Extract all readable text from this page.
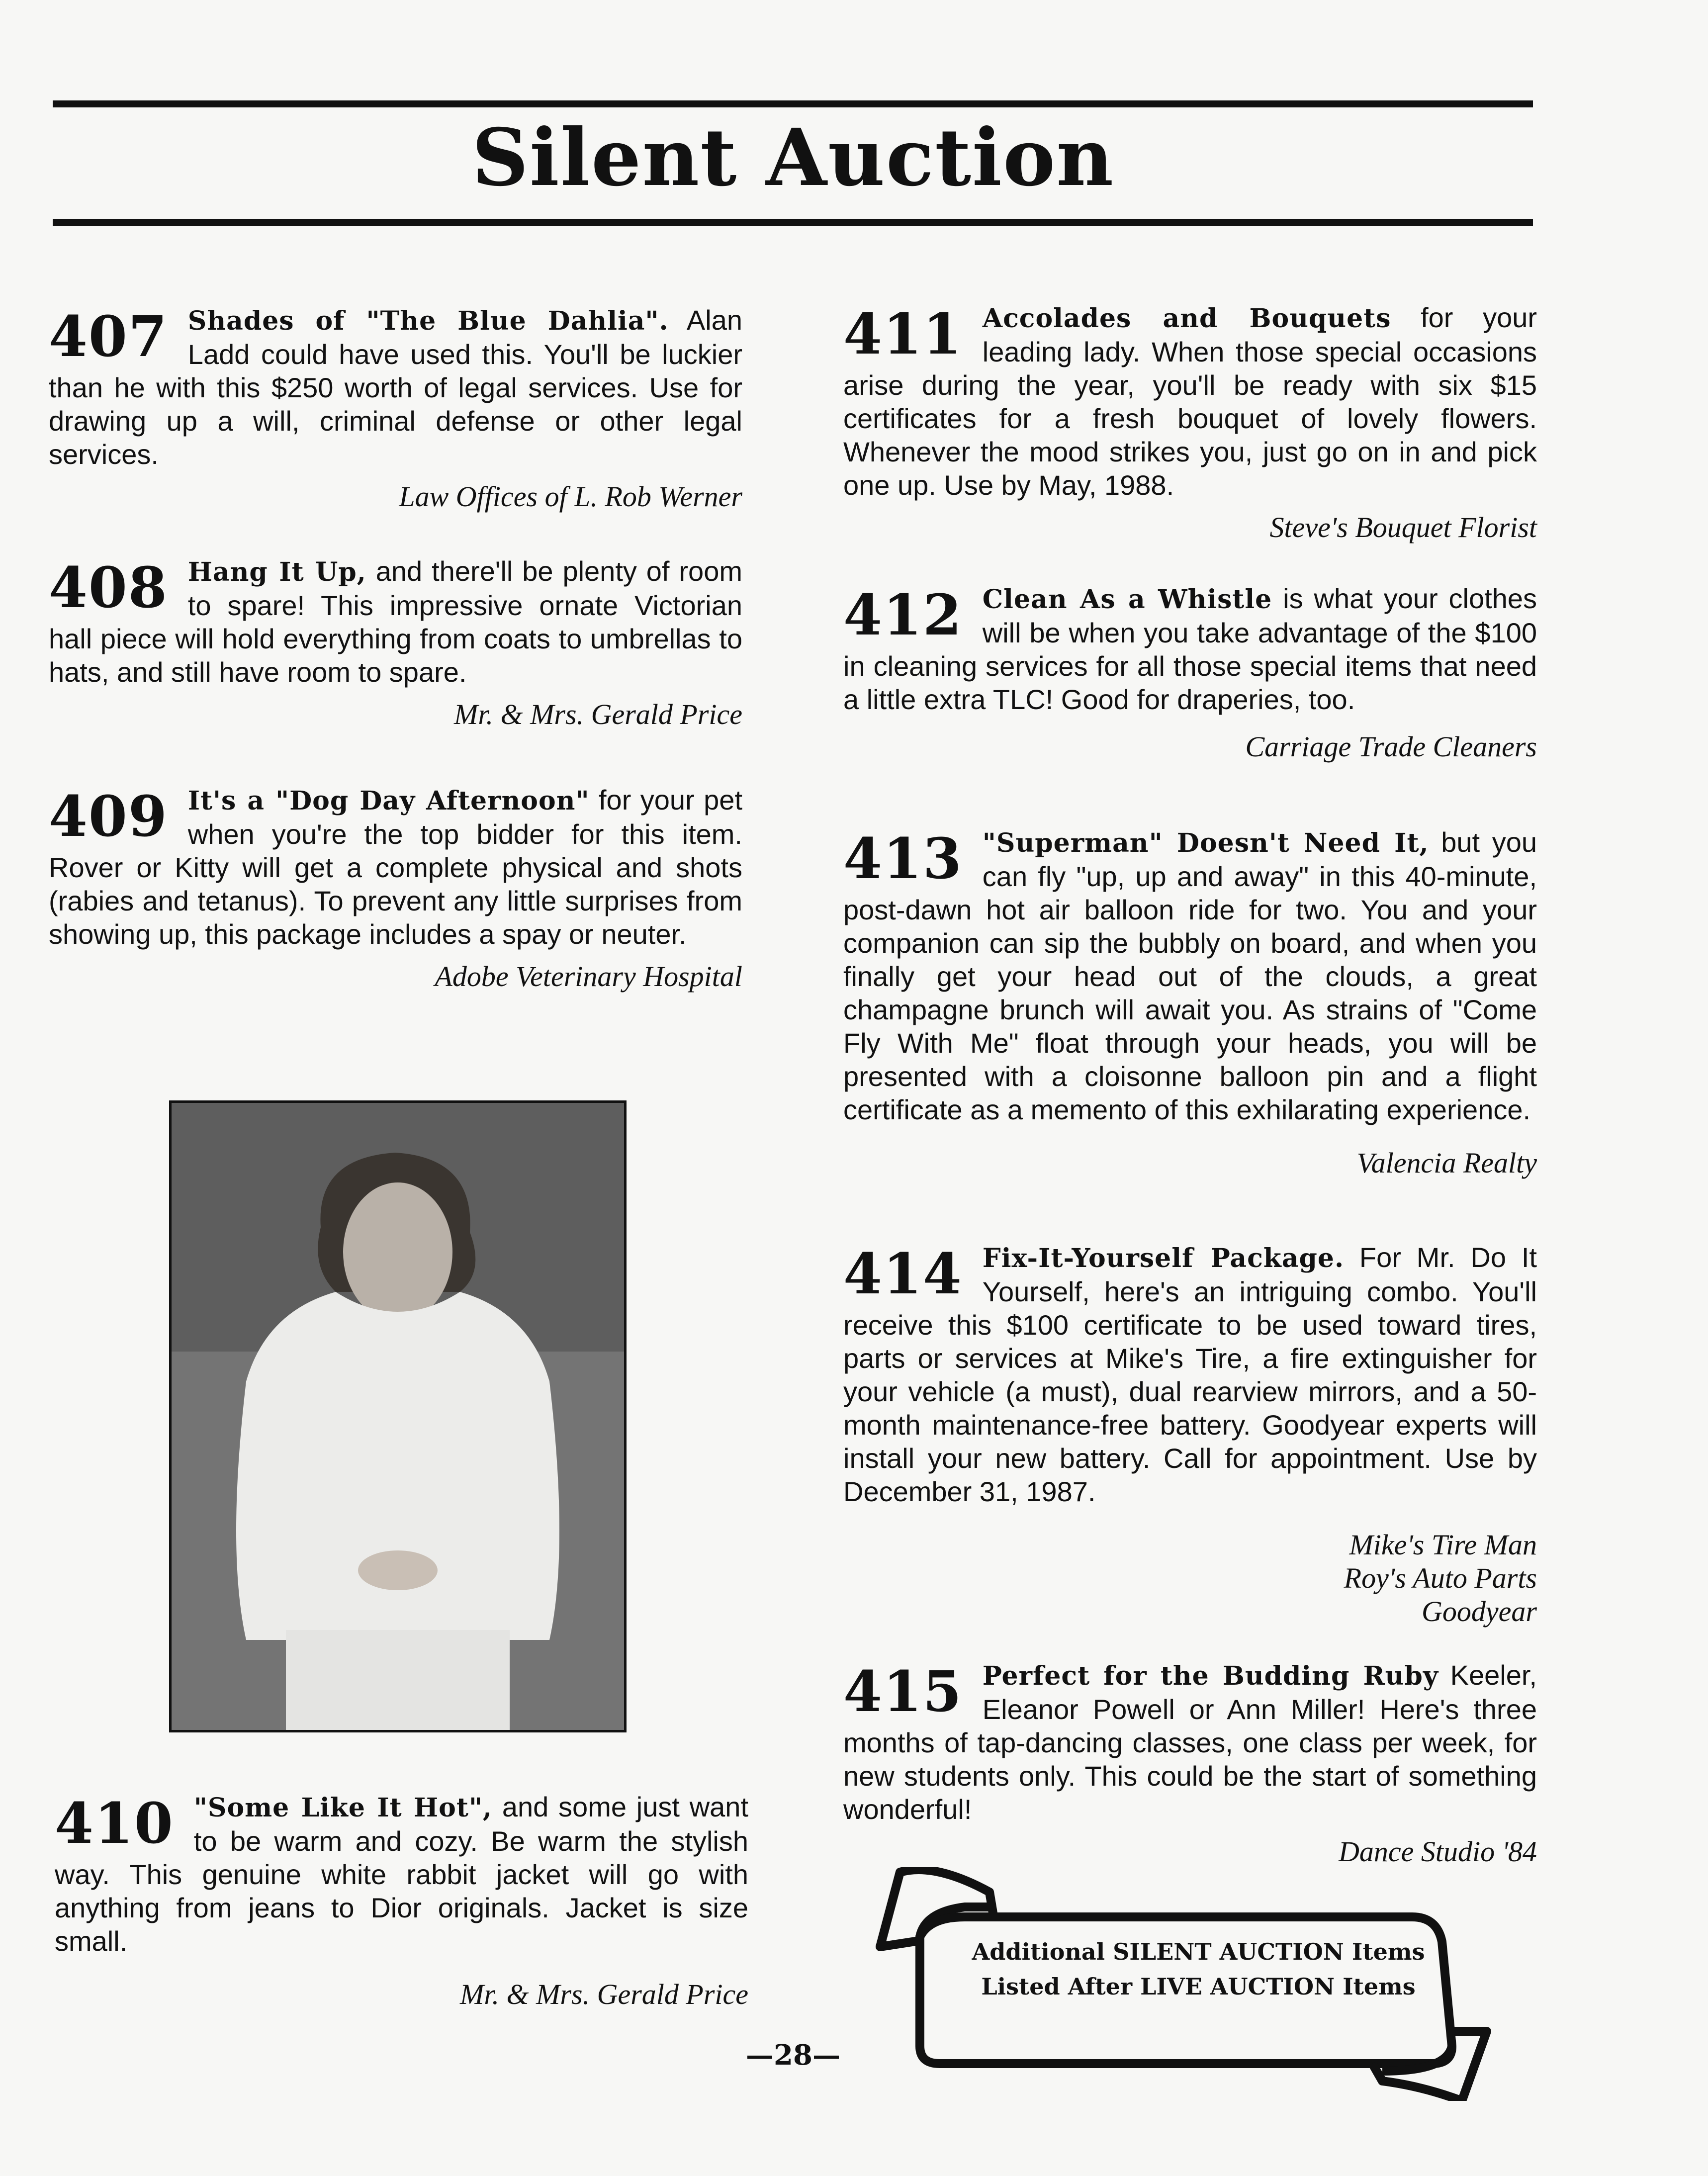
Silent Auction
407 Shades of "The Blue Dahlia". Alan Ladd could have used this. You'll be luckier than he with this $250 worth of legal services. Use for drawing up a will, criminal defense or other legal services.
Law Offices of L. Rob Werner
408 Hang It Up, and there'll be plenty of room to spare! This impressive ornate Victorian hall piece will hold everything from coats to umbrellas to hats, and still have room to spare.
Mr. & Mrs. Gerald Price
409 It's a "Dog Day Afternoon" for your pet when you're the top bidder for this item. Rover or Kitty will get a complete physical and shots (rabies and tetanus). To prevent any little surprises from showing up, this package includes a spay or neuter.
Adobe Veterinary Hospital
410 "Some Like It Hot", and some just want to be warm and cozy. Be warm the stylish way. This genuine white rabbit jacket will go with anything from jeans to Dior originals. Jacket is size small.
Mr. & Mrs. Gerald Price
411 Accolades and Bouquets for your leading lady. When those special occasions arise during the year, you'll be ready with six $15 certificates for a fresh bouquet of lovely flowers. Whenever the mood strikes you, just go on in and pick one up. Use by May, 1988.
Steve's Bouquet Florist
412 Clean As a Whistle is what your clothes will be when you take advantage of the $100 in cleaning services for all those special items that need a little extra TLC! Good for draperies, too.
Carriage Trade Cleaners
413 "Superman" Doesn't Need It, but you can fly "up, up and away" in this 40-minute, post-dawn hot air balloon ride for two. You and your companion can sip the bubbly on board, and when you finally get your head out of the clouds, a great champagne brunch will await you. As strains of "Come Fly With Me" float through your heads, you will be presented with a cloisonne balloon pin and a flight certificate as a memento of this exhilarating experience.
Valencia Realty
414 Fix-It-Yourself Package. For Mr. Do It Yourself, here's an intriguing combo. You'll receive this $100 certificate to be used toward tires, parts or services at Mike's Tire, a fire extinguisher for your vehicle (a must), dual rearview mirrors, and a 50-month maintenance-free battery. Goodyear experts will install your new battery. Call for appointment. Use by December 31, 1987.
Mike's Tire Man
Roy's Auto Parts
Goodyear
415 Perfect for the Budding Ruby Keeler, Eleanor Powell or Ann Miller! Here's three months of tap-dancing classes, one class per week, for new students only. This could be the start of something wonderful!
Dance Studio '84
Additional SILENT AUCTION Items
Listed After LIVE AUCTION Items
—28—
